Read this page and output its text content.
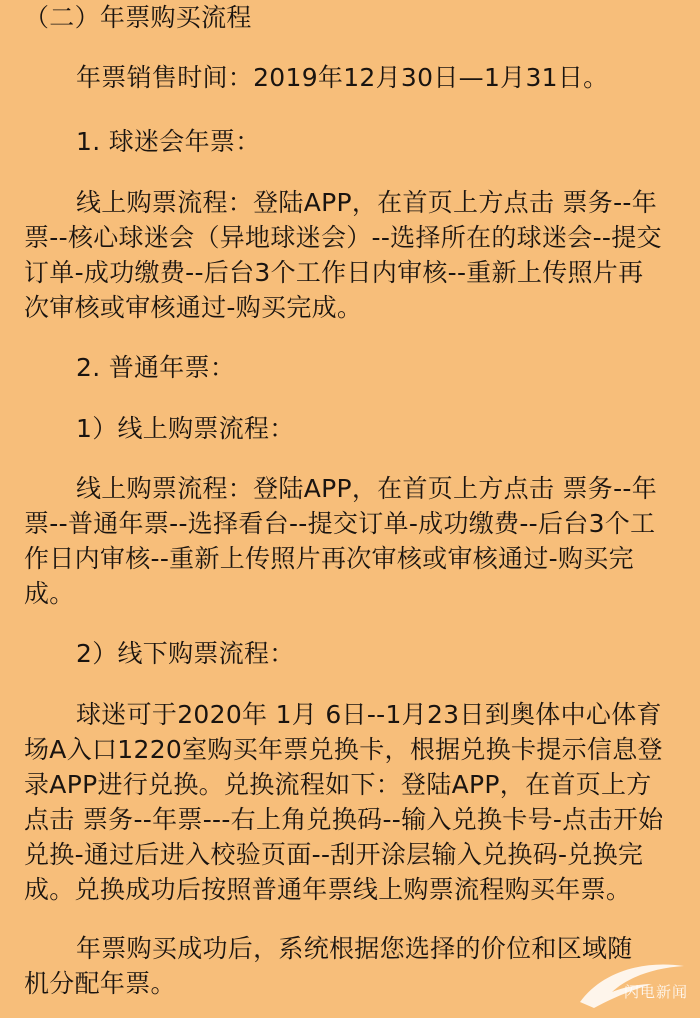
（二）年票购买流程
年票销售时间：2019年12月30日—1月31日。
1. 球迷会年票：
线上购票流程：登陆APP，在首页上方点击 票务--年
票--核心球迷会（异地球迷会）--选择所在的球迷会--提交
订单-成功缴费--后台3个工作日内审核--重新上传照片再
次审核或审核通过-购买完成。
2. 普通年票：
1）线上购票流程：
线上购票流程：登陆APP，在首页上方点击 票务--年
票--普通年票--选择看台--提交订单-成功缴费--后台3个工
作日内审核--重新上传照片再次审核或审核通过-购买完
成。
2）线下购票流程：
球迷可于2020年 1月 6日--1月23日到奥体中心体育
场A入口1220室购买年票兑换卡，根据兑换卡提示信息登
录APP进行兑换。兑换流程如下：登陆APP，在首页上方
点击 票务--年票---右上角兑换码--输入兑换卡号-点击开始
兑换-通过后进入校验页面--刮开涂层输入兑换码-兑换完
成。兑换成功后按照普通年票线上购票流程购买年票。
年票购买成功后，系统根据您选择的价位和区域随
机分配年票。	闪电新闻
